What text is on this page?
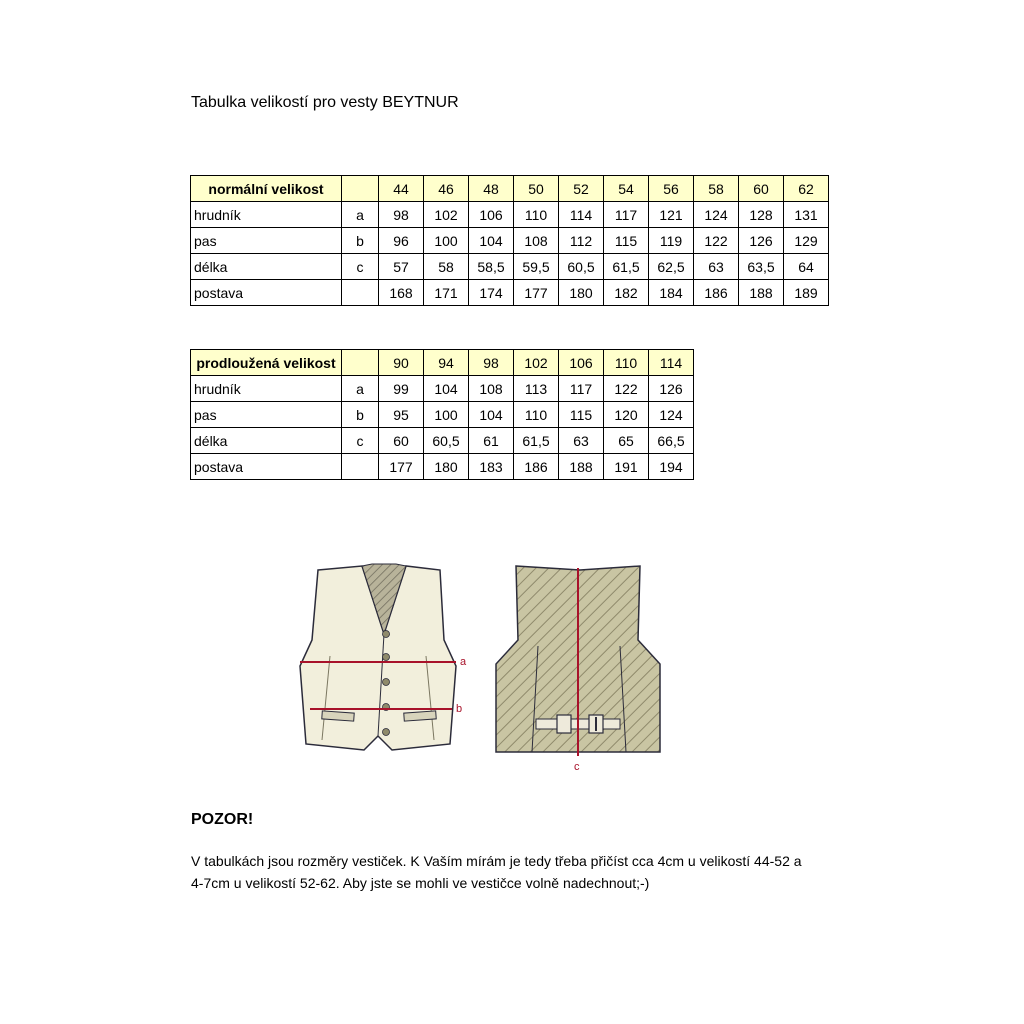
Tabulka velikostí pro vesty BEYTNUR
normální velikost		44	46	48	50	52	54	56	58	60	62
hrudník	a	98	102	106	110	114	117	121	124	128	131
pas	b	96	100	104	108	112	115	119	122	126	129
délka	c	57	58	58,5	59,5	60,5	61,5	62,5	63	63,5	64
postava		168	171	174	177	180	182	184	186	188	189
prodloužená velikost		90	94	98	102	106	110	114
hrudník	a	99	104	108	113	117	122	126
pas	b	95	100	104	110	115	120	124
délka	c	60	60,5	61	61,5	63	65	66,5
postava		177	180	183	186	188	191	194
a
b
c
POZOR!
V tabulkách jsou rozměry vestiček. K Vaším mírám je tedy třeba přičíst cca 4cm u velikostí 44-52 a
4-7cm u velikostí 52-62. Aby jste se mohli ve vestičce volně nadechnout;-)
